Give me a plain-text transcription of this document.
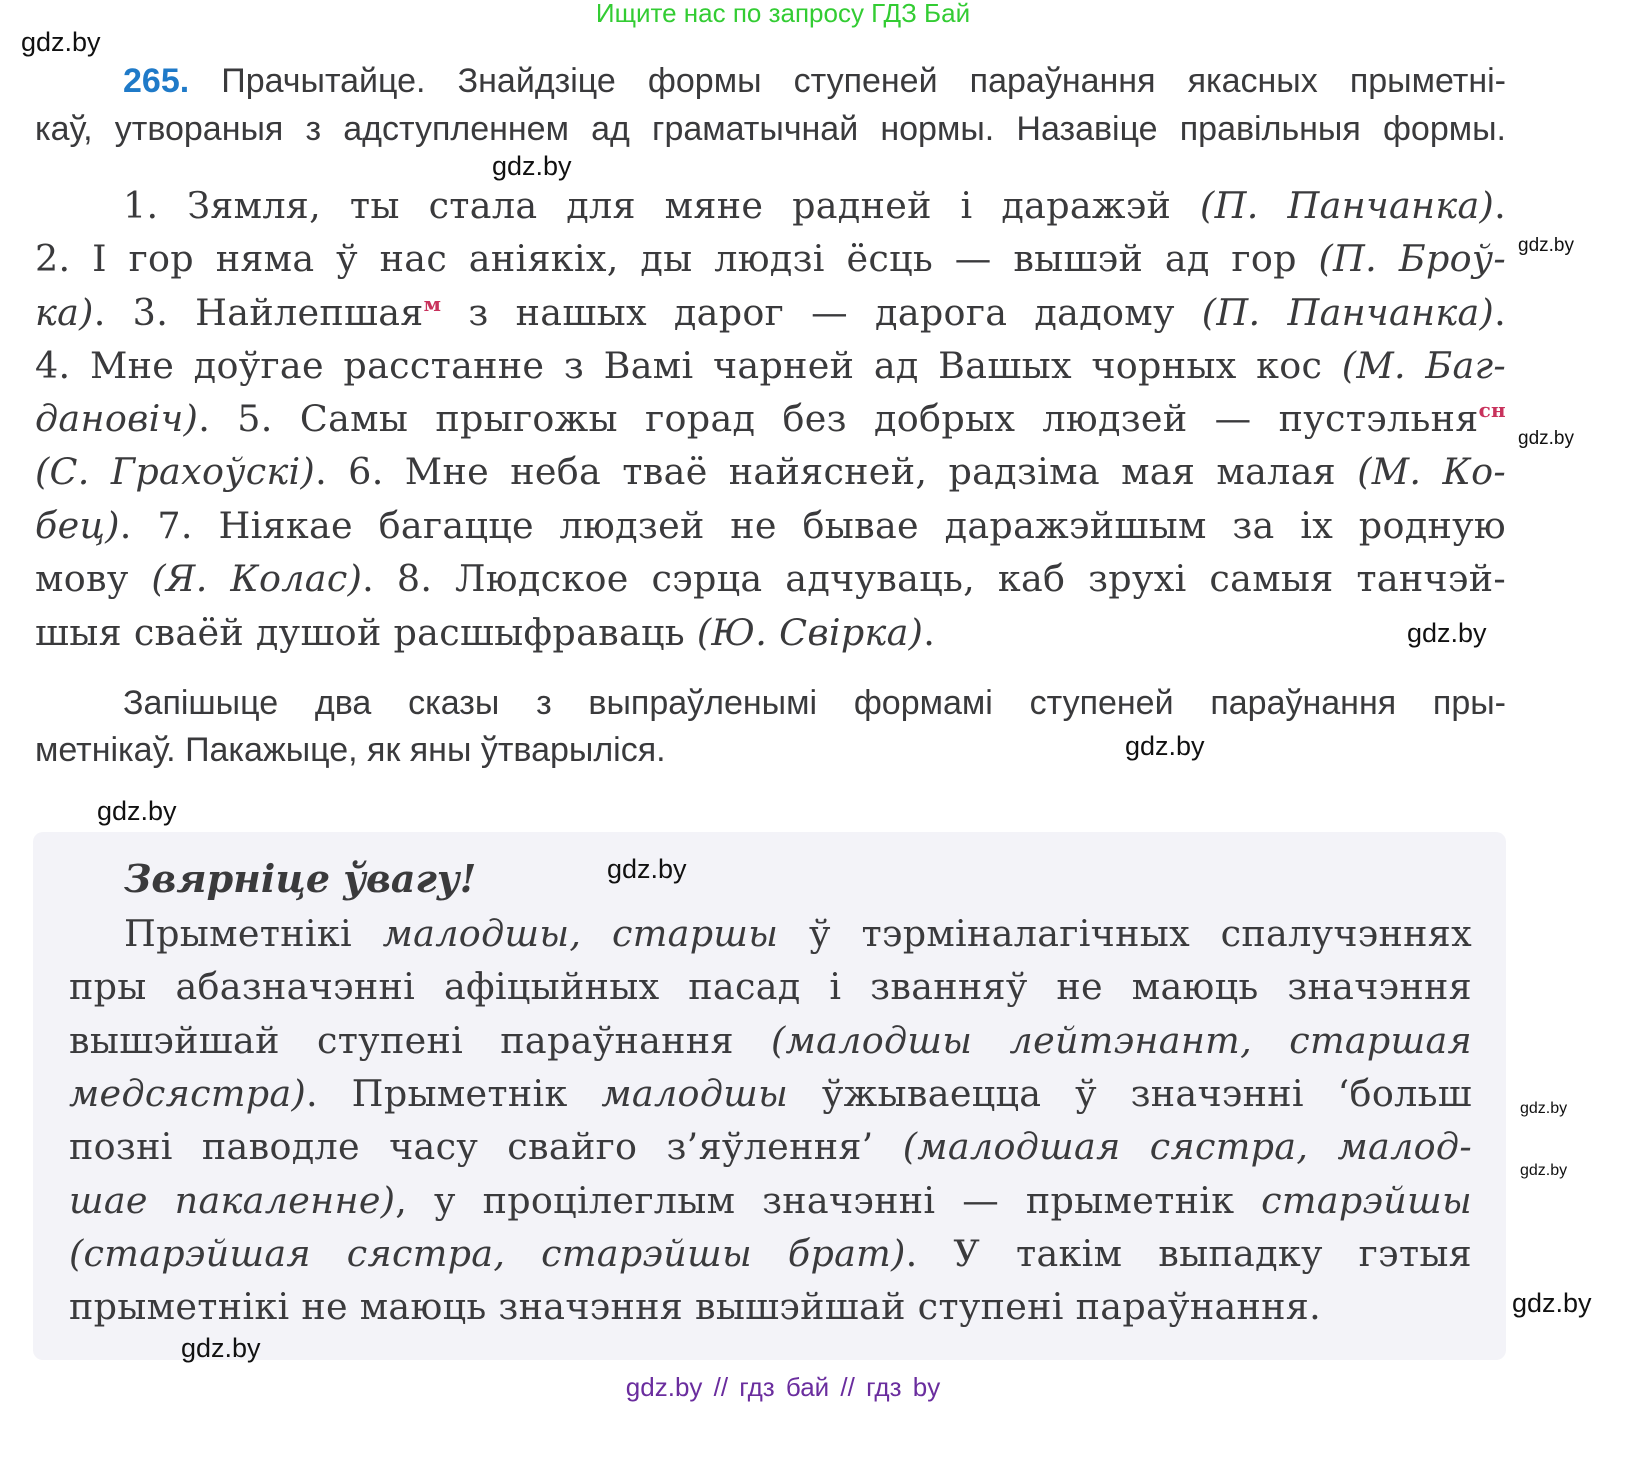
Ищите нас по запросу ГДЗ Бай
265. Прачытайце. Знайдзіце формы ступеней параўнання якасных прыметні-
каў, утвораныя з адступленнем ад граматычнай нормы. Назавіце правільныя формы.
1. Зямля, ты стала для мяне радней і даражэй (П. Панчанка).
2. І гор няма ў нас аніякіх, ды людзі ёсць — вышэй ад гор (П. Броў-
ка). 3. Найлепшая$^м$ з нашых дарог — дарога дадому (П. Панчанка).
4. Мне доўгае расстанне з Вамі чарней ад Вашых чорных кос (М. Баг-
дановіч). 5. Самы прыгожы горад без добрых людзей — пустэльня$^{сн}$
(С. Грахоўскі). 6. Мне неба тваё найясней, радзіма мая малая (М. Ко-
бец). 7. Ніякае багацце людзей не бывае даражэйшым за іх родную
мову (Я. Колас). 8. Людское сэрца адчуваць, каб зрухі самыя танчэй-
шыя сваёй душой расшыфраваць (Ю. Свірка).
Запішыце два сказы з выпраўленымі формамі ступеней параўнання пры-
метнікаў. Пакажыце, як яны ўтварыліся.
Звярніце ўвагу!
Прыметнікі малодшы, старшы ў тэрміналагічных спалучэннях
пры абазначэнні афіцыйных пасад і званняў не маюць значэння
вышэйшай ступені параўнання (малодшы лейтэнант, старшая
медсястра). Прыметнік малодшы ўжываецца ў значэнні ‘больш
позні паводле часу свайго з’яўлення’ (малодшая сястра, малод-
шае пакаленне), у процілеглым значэнні — прыметнік старэйшы
(старэйшая сястра, старэйшы брат). У такім выпадку гэтыя
прыметнікі не маюць значэння вышэйшай ступені параўнання.
gdz.by
gdz.by
gdz.by
gdz.by
gdz.by
gdz.by
gdz.by
gdz.by
gdz.by
gdz.by
gdz.by
gdz.by
gdz.by // гдз бай // гдз by
